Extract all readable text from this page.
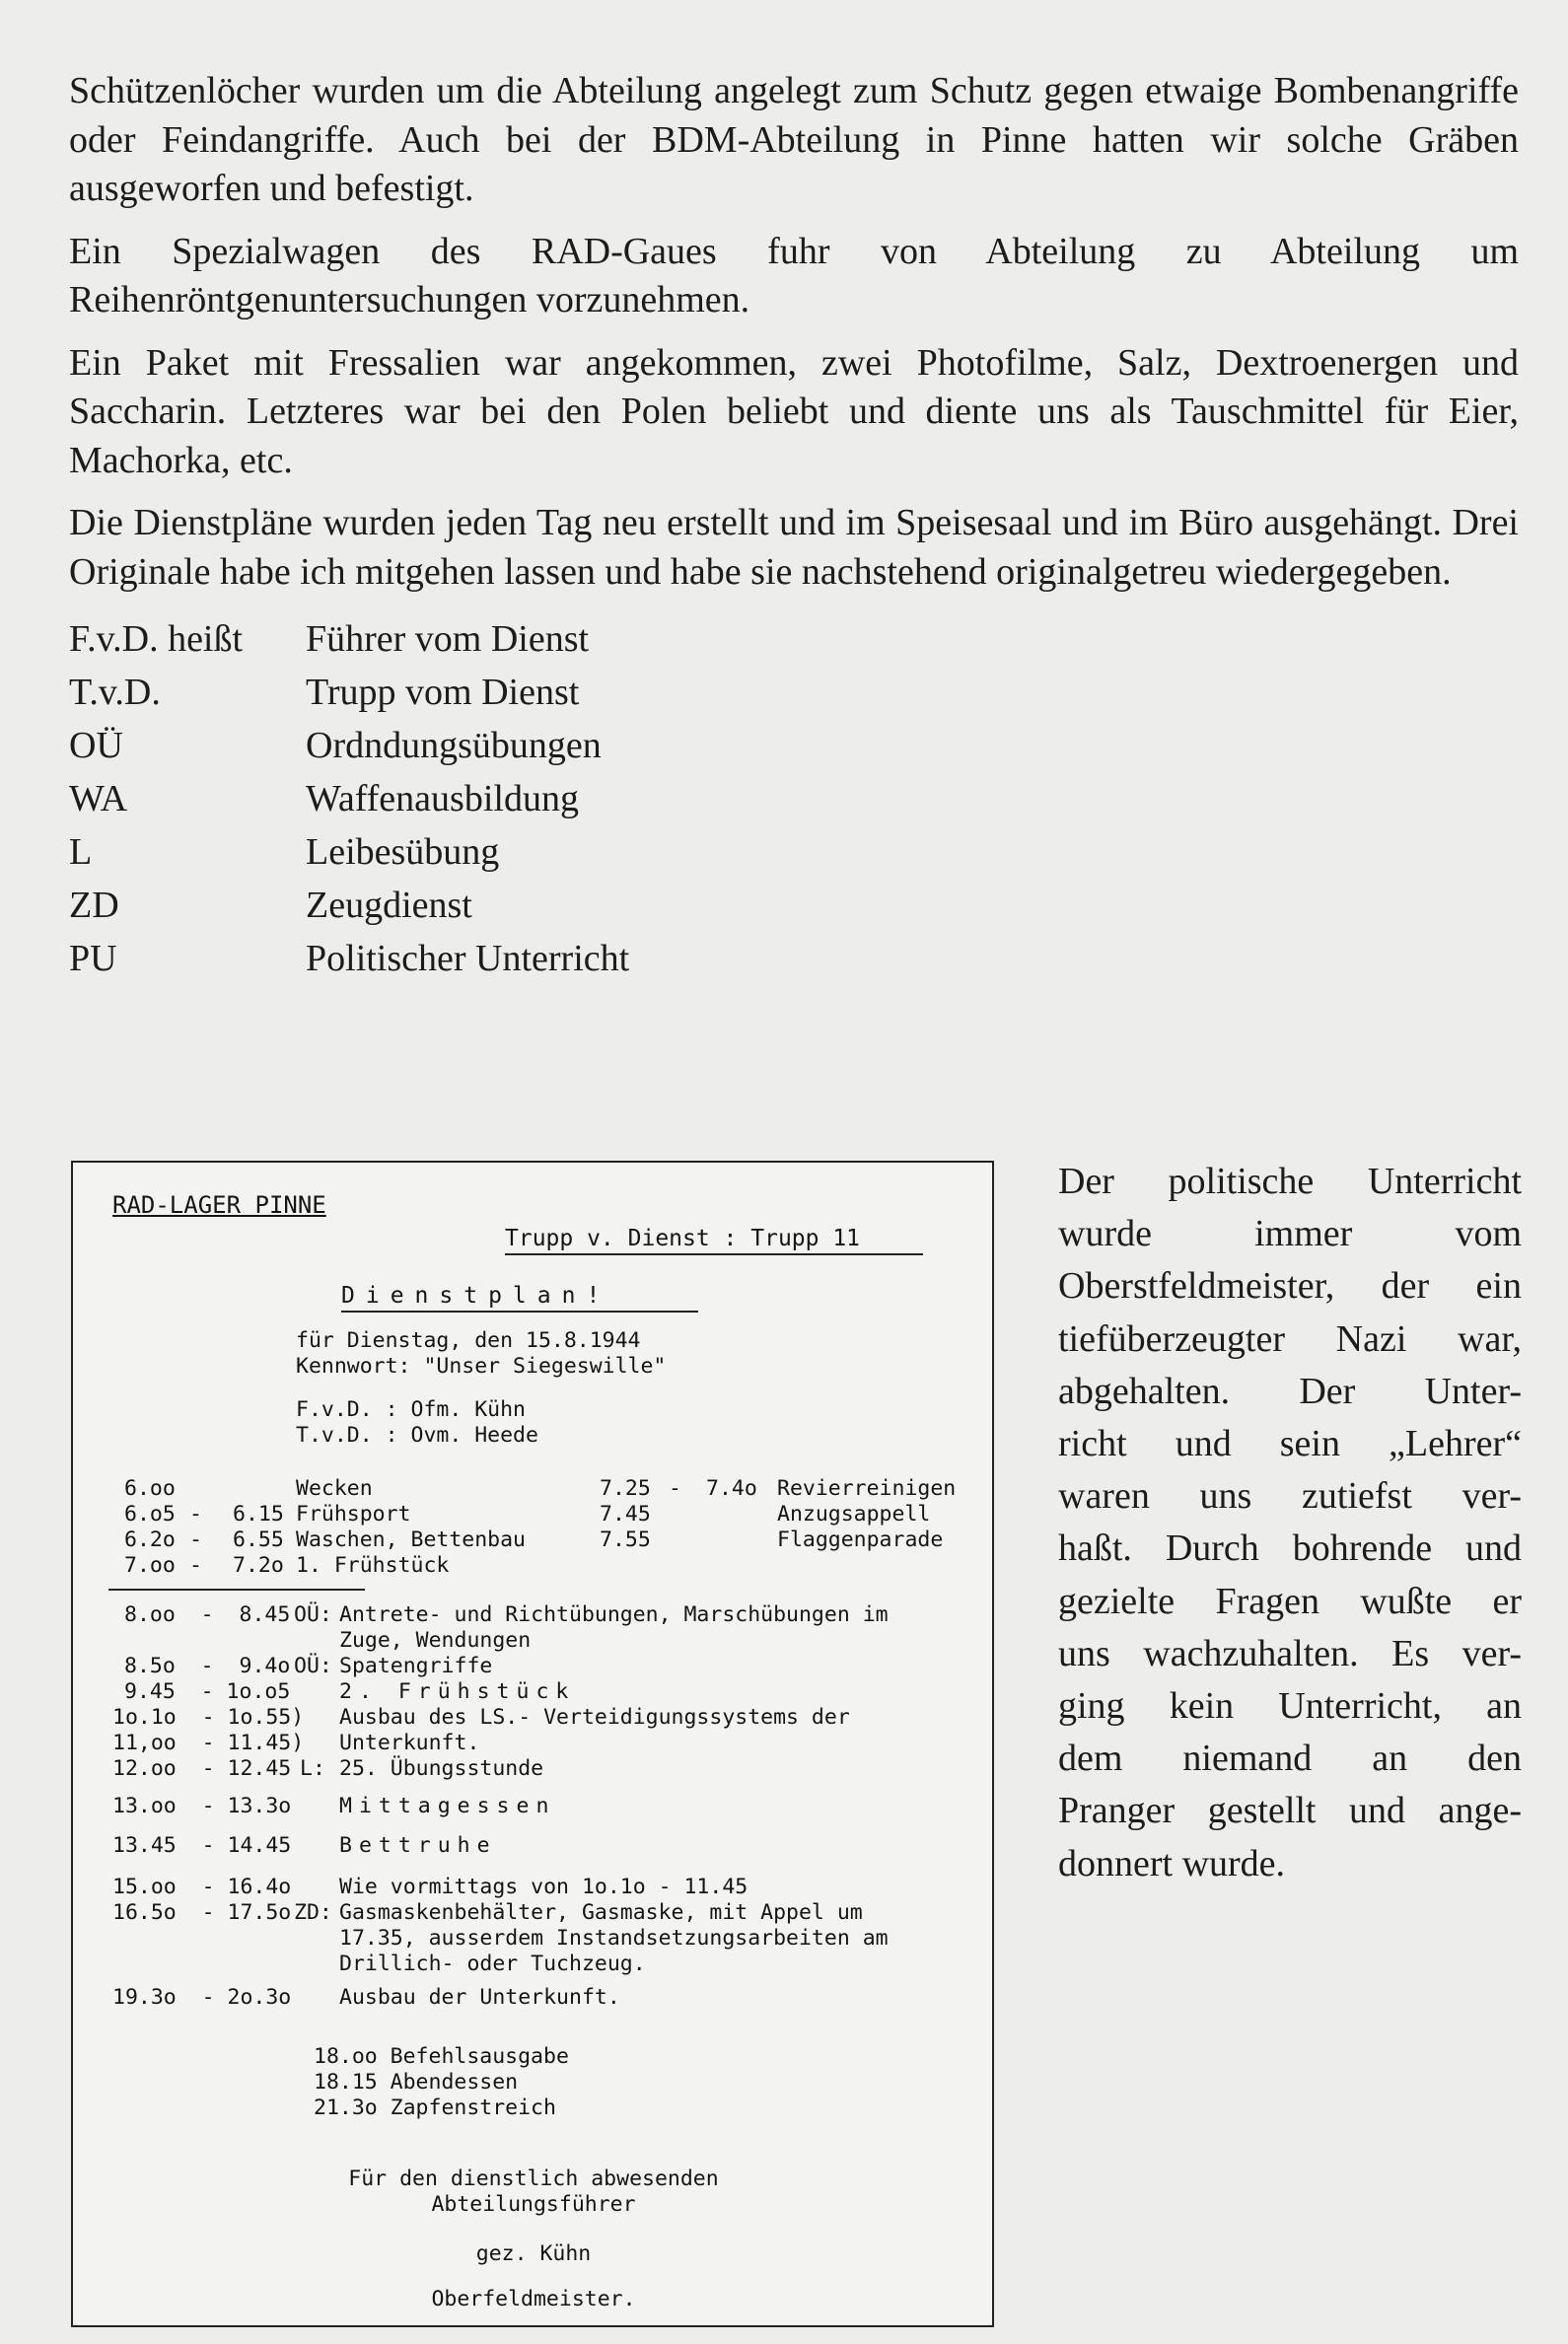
Schützenlöcher wurden um die Abteilung angelegt zum Schutz gegen etwaige Bombenangriffe oder Feindangriffe. Auch bei der BDM-Abteilung in Pinne hatten wir solche Gräben ausgeworfen und befestigt.

Ein Spezialwagen des RAD-Gaues fuhr von Abteilung zu Abteilung um Reihenröntgenuntersuchungen vorzunehmen.

Ein Paket mit Fressalien war angekommen, zwei Photofilme, Salz, Dextroenergen und Saccharin. Letzteres war bei den Polen beliebt und diente uns als Tauschmittel für Eier, Machorka, etc.

Die Dienstpläne wurden jeden Tag neu erstellt und im Speisesaal und im Büro ausgehängt. Drei Originale habe ich mitgehen lassen und habe sie nachstehend originalgetreu wiedergegeben.

F.v.D. heißt	Führer vom Dienst
T.v.D.	Trupp vom Dienst
OÜ	Ordndungsübungen
WA	Waffenausbildung
L	Leibesübung
ZD	Zeugdienst
PU	Politischer Unterricht
RAD-LAGER PINNE
Trupp v. Dienst : Trupp 11
Dienstplan!
für Dienstag, den 15.8.1944
Kennwort: "Unser Siegeswille"
F.v.D. : Ofm. Kühn
T.v.D. : Ovm. Heede
6.oo	Wecken
6.o5 - 6.15 Frühsport
6.2o - 6.55 Waschen, Bettenbau
7.oo - 7.2o 1. Frühstück
7.25 - 7.4o Revierreinigen
7.45	Anzugsappell
7.55	Flaggenparade
8.oo  -  8.45 OÜ: Antrete- und Richtübungen, Marschübungen im
Zuge, Wendungen
8.5o  -  9.4o OÜ: Spatengriffe
9.45  - 1o.o5 2. Frühstück
1o.1o  - 1o.55) Ausbau des LS.- Verteidigungssystems der
11,oo  - 11.45) Unterkunft.
12.oo  - 12.45 L: 25. Übungsstunde
13.oo  - 13.3o Mittagessen
13.45  - 14.45 Bettruhe
15.oo  - 16.4o Wie vormittags von 1o.1o - 11.45
16.5o  - 17.5o ZD: Gasmaskenbehälter, Gasmaske, mit Appel um
17.35, ausserdem Instandsetzungsarbeiten am
Drillich- oder Tuchzeug.
19.3o  - 2o.3o Ausbau der Unterkunft.
18.oo Befehlsausgabe
18.15 Abendessen
21.3o Zapfenstreich
Für den dienstlich abwesenden
Abteilungsführer
gez. Kühn
Oberfeldmeister.
Der politische Unterricht
wurde immer vom
Oberstfeldmeister, der ein
tiefüberzeugter Nazi war,
abgehalten. Der Unter-
richt und sein „Lehrer“
waren uns zutiefst ver-
haßt. Durch bohrende und
gezielte Fragen wußte er
uns wachzuhalten. Es ver-
ging kein Unterricht, an
dem niemand an den
Pranger gestellt und ange-
donnert wurde.
